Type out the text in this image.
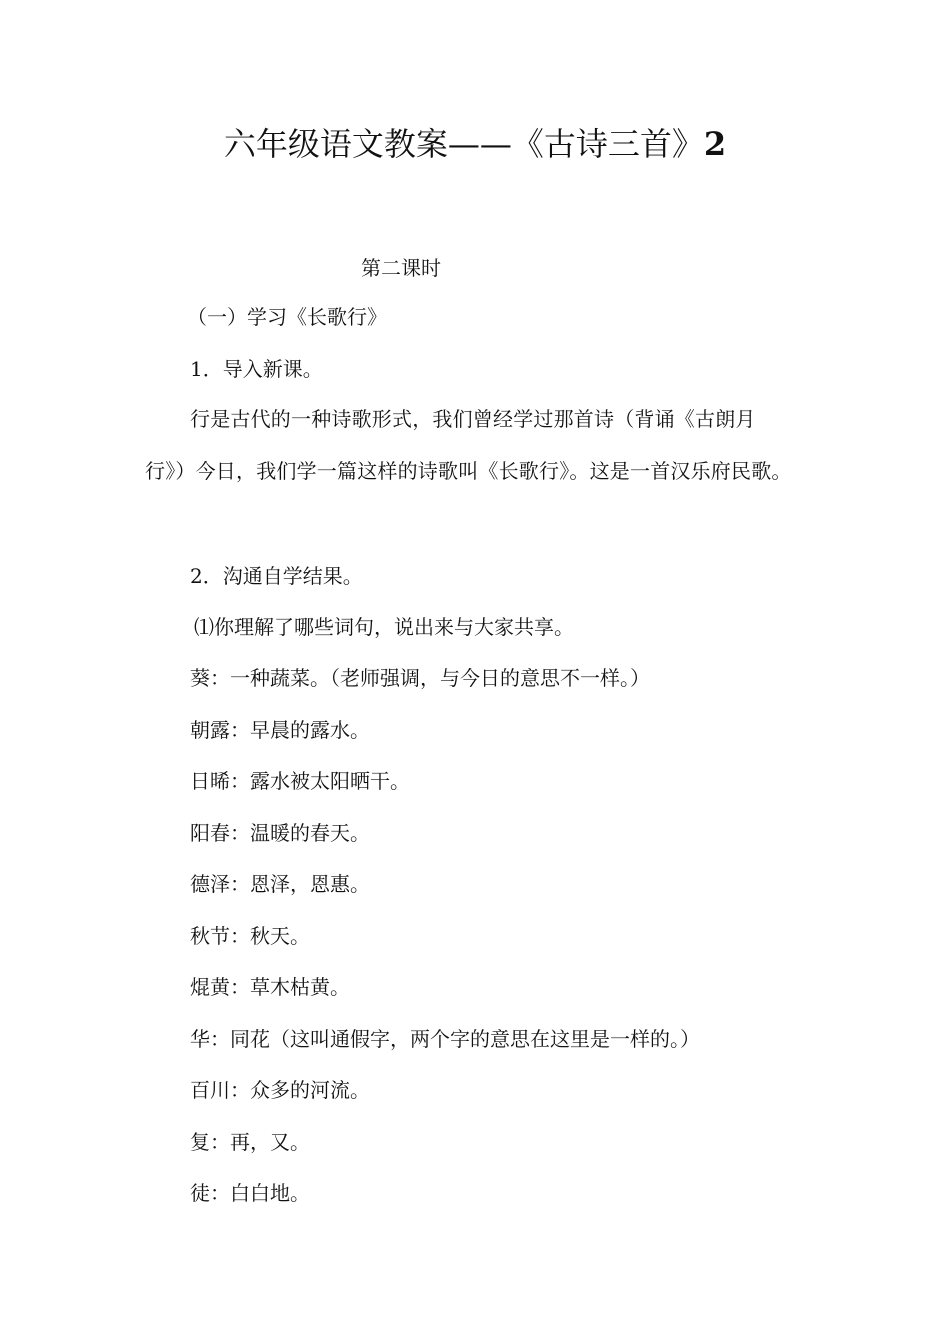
六年级语文教案——《古诗三首》2

第二课时

（一）学习《长歌行》

1．导入新课。

行是古代的一种诗歌形式，我们曾经学过那首诗（背诵《古朗月行》）今日，我们学一篇这样的诗歌叫《长歌行》。这是一首汉乐府民歌。

2．沟通自学结果。

⑴你理解了哪些词句，说出来与大家共享。

葵：一种蔬菜。（老师强调，与今日的意思不一样。）

朝露：早晨的露水。

日晞：露水被太阳晒干。

阳春：温暖的春天。

德泽：恩泽，恩惠。

秋节：秋天。

焜黄：草木枯黄。

华：同花（这叫通假字，两个字的意思在这里是一样的。）

百川：众多的河流。

复：再，又。

徒：白白地。
